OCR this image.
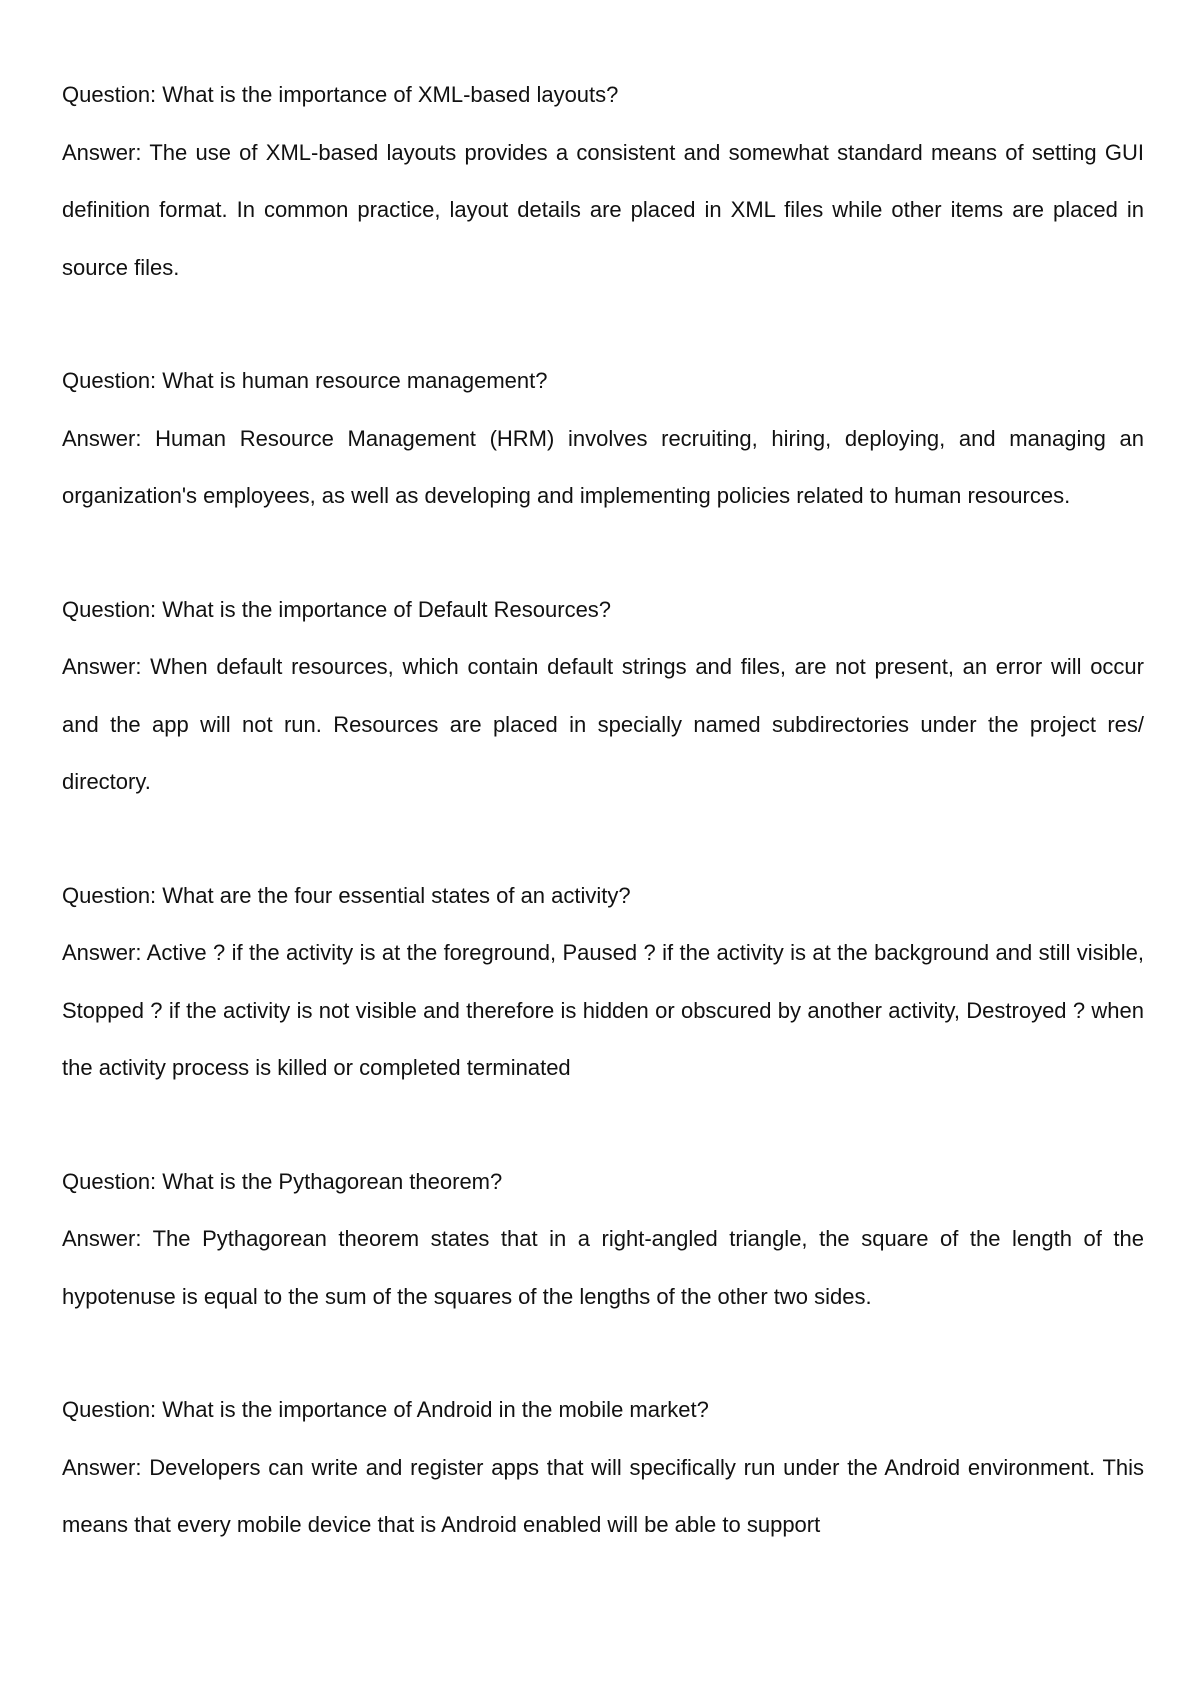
Question: What is the importance of XML-based layouts?

Answer: The use of XML-based layouts provides a consistent and somewhat standard means of setting GUI definition format. In common practice, layout details are placed in XML files while other items are placed in source files.

Question: What is human resource management?

Answer: Human Resource Management (HRM) involves recruiting, hiring, deploying, and managing an organization's employees, as well as developing and implementing policies related to human resources.

Question: What is the importance of Default Resources?

Answer: When default resources, which contain default strings and files, are not present, an error will occur and the app will not run. Resources are placed in specially named subdirectories under the project res/ directory.

Question: What are the four essential states of an activity?

Answer: Active ? if the activity is at the foreground, Paused ? if the activity is at the background and still visible, Stopped ? if the activity is not visible and therefore is hidden or obscured by another activity, Destroyed ? when the activity process is killed or completed terminated

Question: What is the Pythagorean theorem?

Answer: The Pythagorean theorem states that in a right-angled triangle, the square of the length of the hypotenuse is equal to the sum of the squares of the lengths of the other two sides.

Question: What is the importance of Android in the mobile market?

Answer: Developers can write and register apps that will specifically run under the Android environment. This means that every mobile device that is Android enabled will be able to support
